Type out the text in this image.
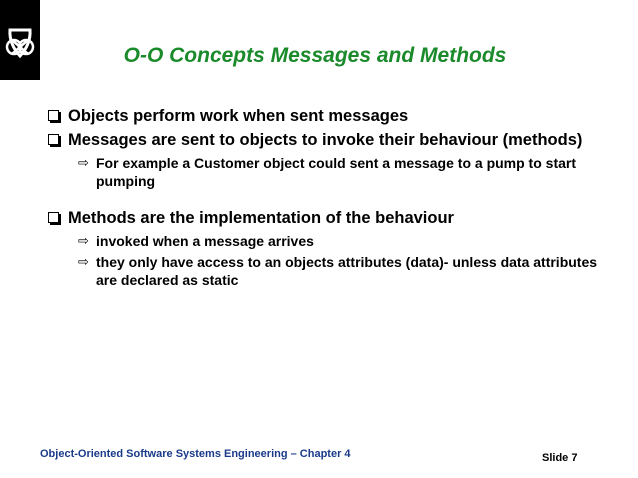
O-O Concepts Messages and Methods
Objects perform work when sent messages
Messages are sent to objects to invoke their behaviour (methods)
⇨ For example a Customer object could sent a message to a pump to start pumping
Methods are the implementation of the behaviour
⇨ invoked when a message arrives
⇨ they only have access to an objects attributes (data)- unless data attributes are declared as static
Object-Oriented Software Systems Engineering – Chapter 4	Slide 7
